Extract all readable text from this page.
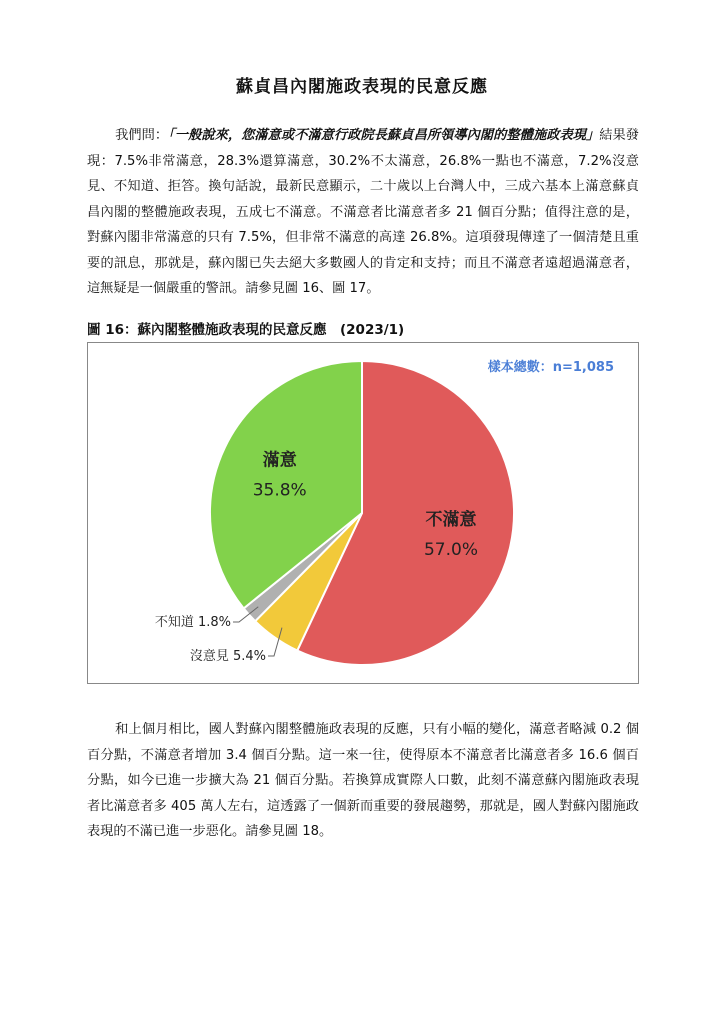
蘇貞昌內閣施政表現的民意反應

我們問：「一般說來，您滿意或不滿意行政院長蘇貞昌所領導內閣的整體施政表現」結果發現：7.5%非常滿意，28.3%還算滿意，30.2%不太滿意，26.8%一點也不滿意，7.2%沒意見、不知道、拒答。換句話說，最新民意顯示，二十歲以上台灣人中，三成六基本上滿意蘇貞昌內閣的整體施政表現，五成七不滿意。不滿意者比滿意者多 21 個百分點；值得注意的是，對蘇內閣非常滿意的只有 7.5%，但非常不滿意的高達 26.8%。這項發現傳達了一個清楚且重要的訊息，那就是，蘇內閣已失去絕大多數國人的肯定和支持；而且不滿意者遠超過滿意者，這無疑是一個嚴重的警訊。請參見圖 16、圖 17。

圖 16：蘇內閣整體施政表現的民意反應　(2023/1)
不滿意
57.0%
沒意見 5.4%
不知道 1.8%
滿意
35.8%
樣本總數：n=1,085

和上個月相比，國人對蘇內閣整體施政表現的反應，只有小幅的變化，滿意者略減 0.2 個百分點，不滿意者增加 3.4 個百分點。這一來一往，使得原本不滿意者比滿意者多 16.6 個百分點，如今已進一步擴大為 21 個百分點。若換算成實際人口數，此刻不滿意蘇內閣施政表現者比滿意者多 405 萬人左右，這透露了一個新而重要的發展趨勢，那就是，國人對蘇內閣施政表現的不滿已進一步惡化。請參見圖 18。
